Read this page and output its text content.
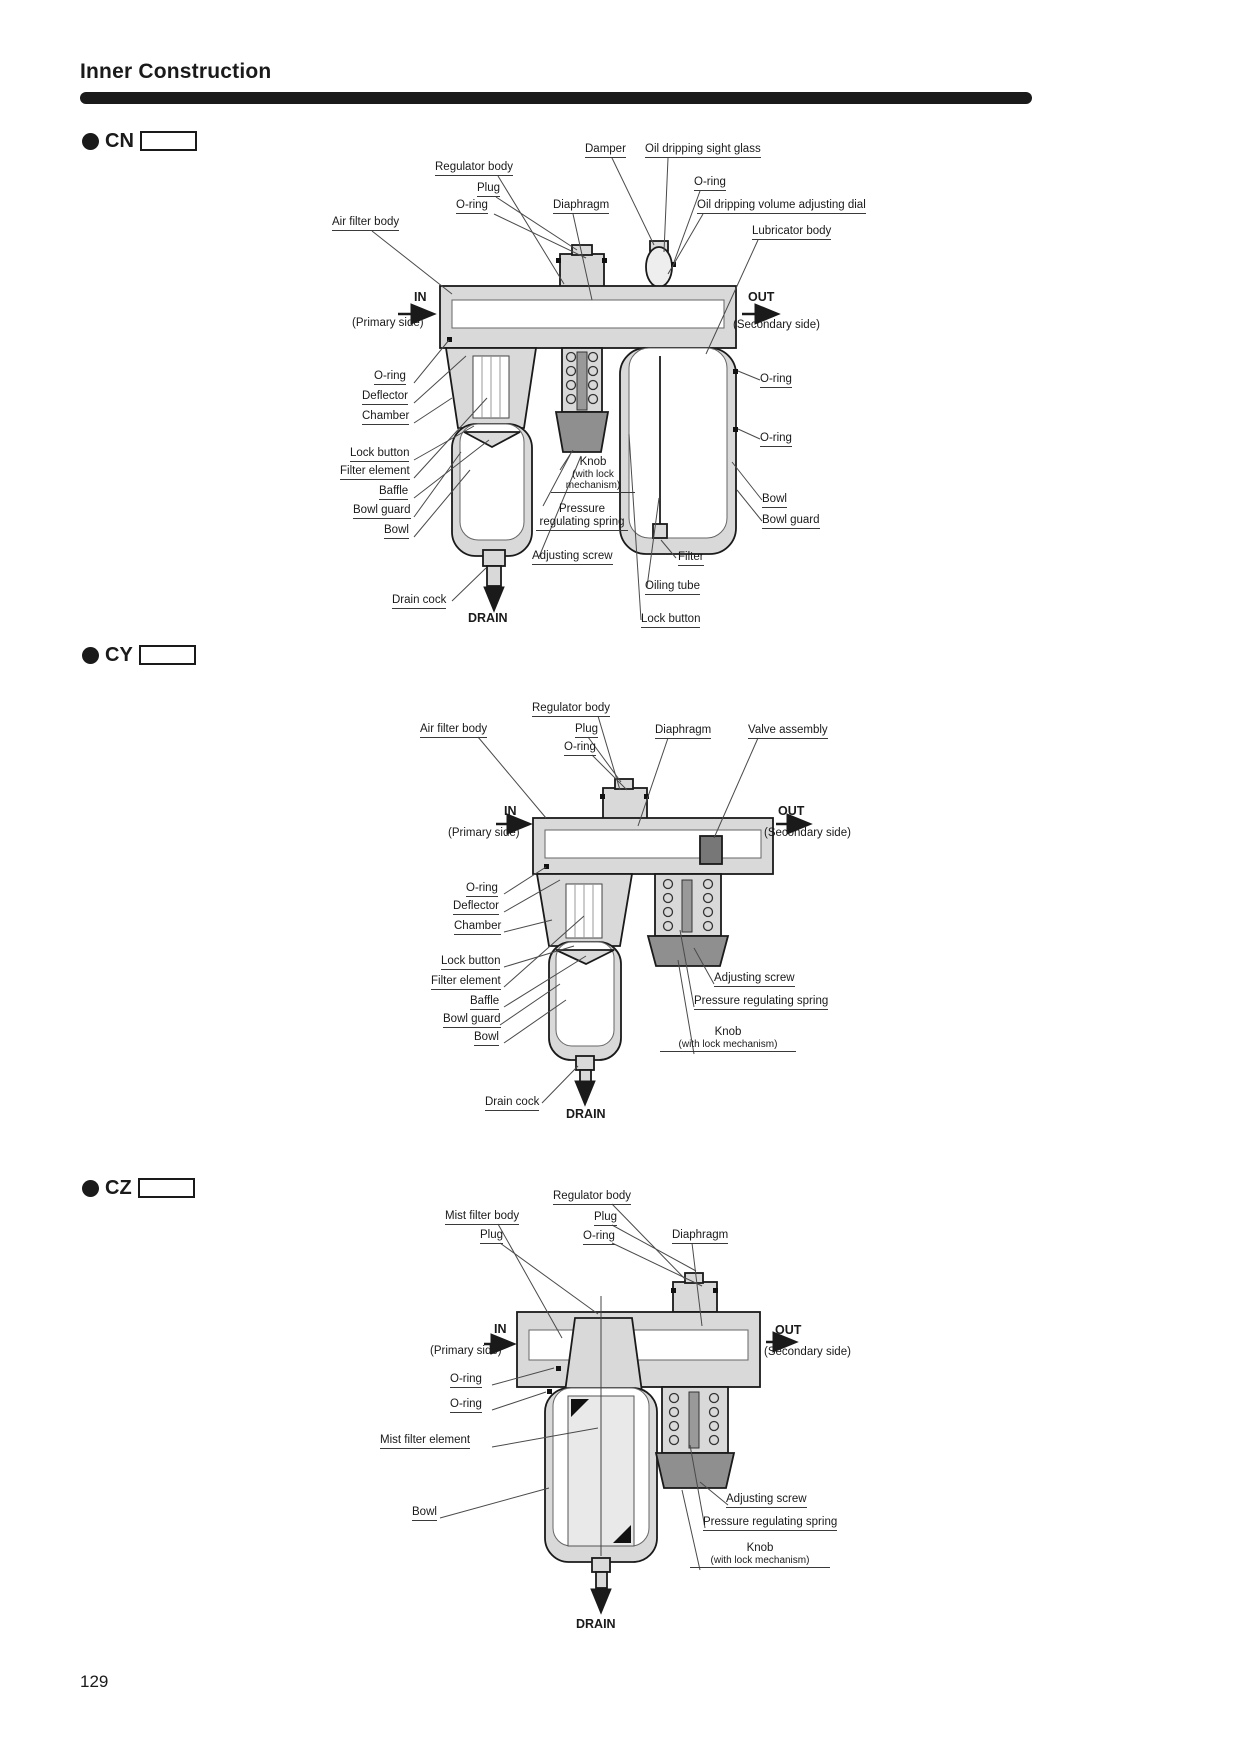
Inner Construction
CN
CY
CZ
Damper Oil dripping sight glass
Regulator body
Plug
O-ring	Diaphragm
O-ring
Oil dripping volume adjusting dial
Air filter body
Lubricator body
IN
(Primary side)
OUT
(Secondary side)
O-ring
Deflector
Chamber
Lock button
Filter element
Baffle
Bowl guard
Bowl
Knob
(with lock
mechanism)
Pressure
regulating spring
Adjusting screw
Drain cock
DRAIN
O-ring
O-ring
Bowl
Bowl guard
Filter
Oiling tube
Lock button
Regulator body
Air filter body	Plug
O-ring
Diaphragm	Valve assembly
IN
(Primary side)
OUT
(Secondary side)
O-ring
Deflector
Chamber
Lock button
Filter element
Baffle
Bowl guard
Bowl
Adjusting screw
Pressure regulating spring
Knob
(with lock mechanism)
Drain cock
DRAIN
Regulator body
Mist filter body	Plug
Plug	O-ring	Diaphragm
IN
(Primary side)
OUT
(Secondary side)
O-ring
O-ring
Mist filter element
Bowl
Adjusting screw
Pressure regulating spring
Knob
(with lock mechanism)
DRAIN
129
